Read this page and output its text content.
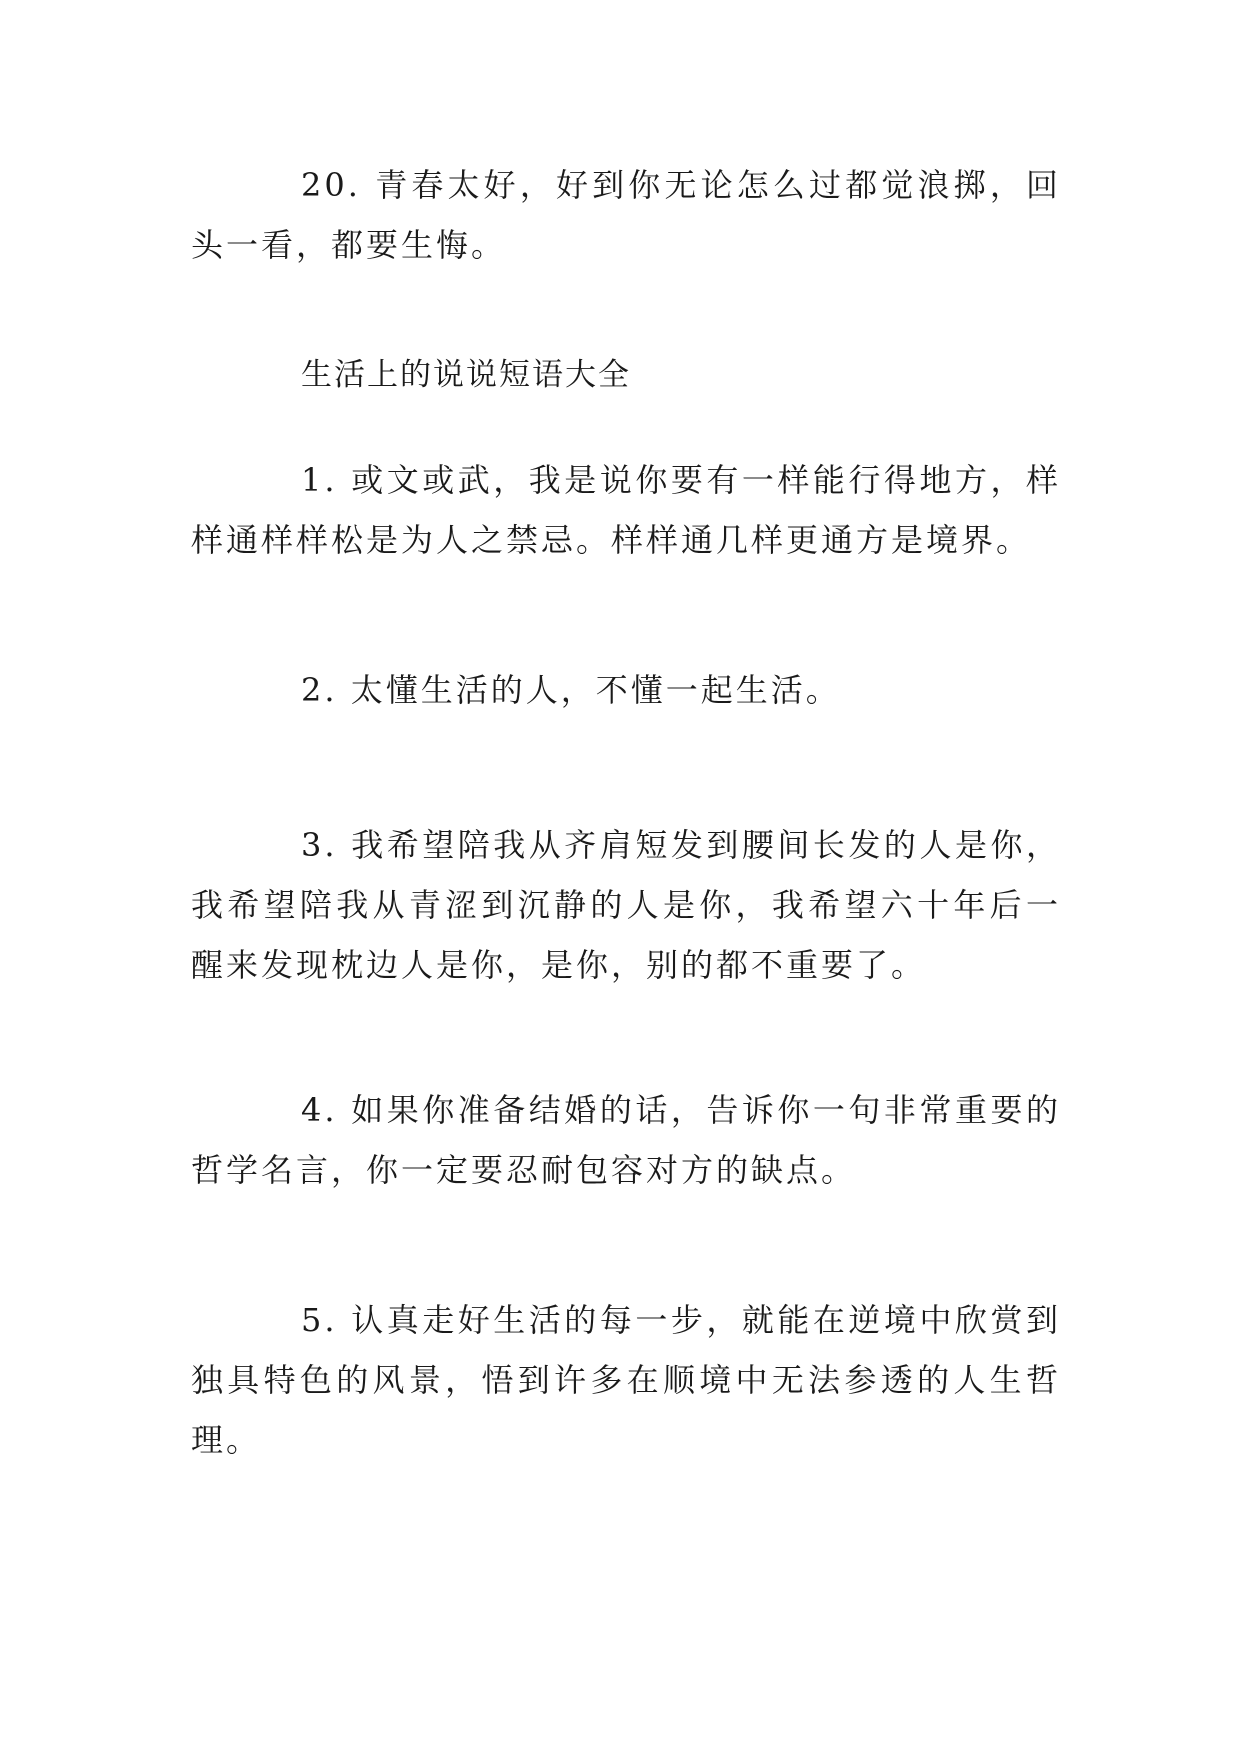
20. 青春太好，好到你无论怎么过都觉浪掷，回头一看，都要生悔。

生活上的说说短语大全

1. 或文或武，我是说你要有一样能行得地方，样样通样样松是为人之禁忌。样样通几样更通方是境界。

2. 太懂生活的人，不懂一起生活。

3. 我希望陪我从齐肩短发到腰间长发的人是你，我希望陪我从青涩到沉静的人是你，我希望六十年后一醒来发现枕边人是你，是你，别的都不重要了。

4. 如果你准备结婚的话，告诉你一句非常重要的哲学名言，你一定要忍耐包容对方的缺点。

5. 认真走好生活的每一步，就能在逆境中欣赏到独具特色的风景，悟到许多在顺境中无法参透的人生哲理。
